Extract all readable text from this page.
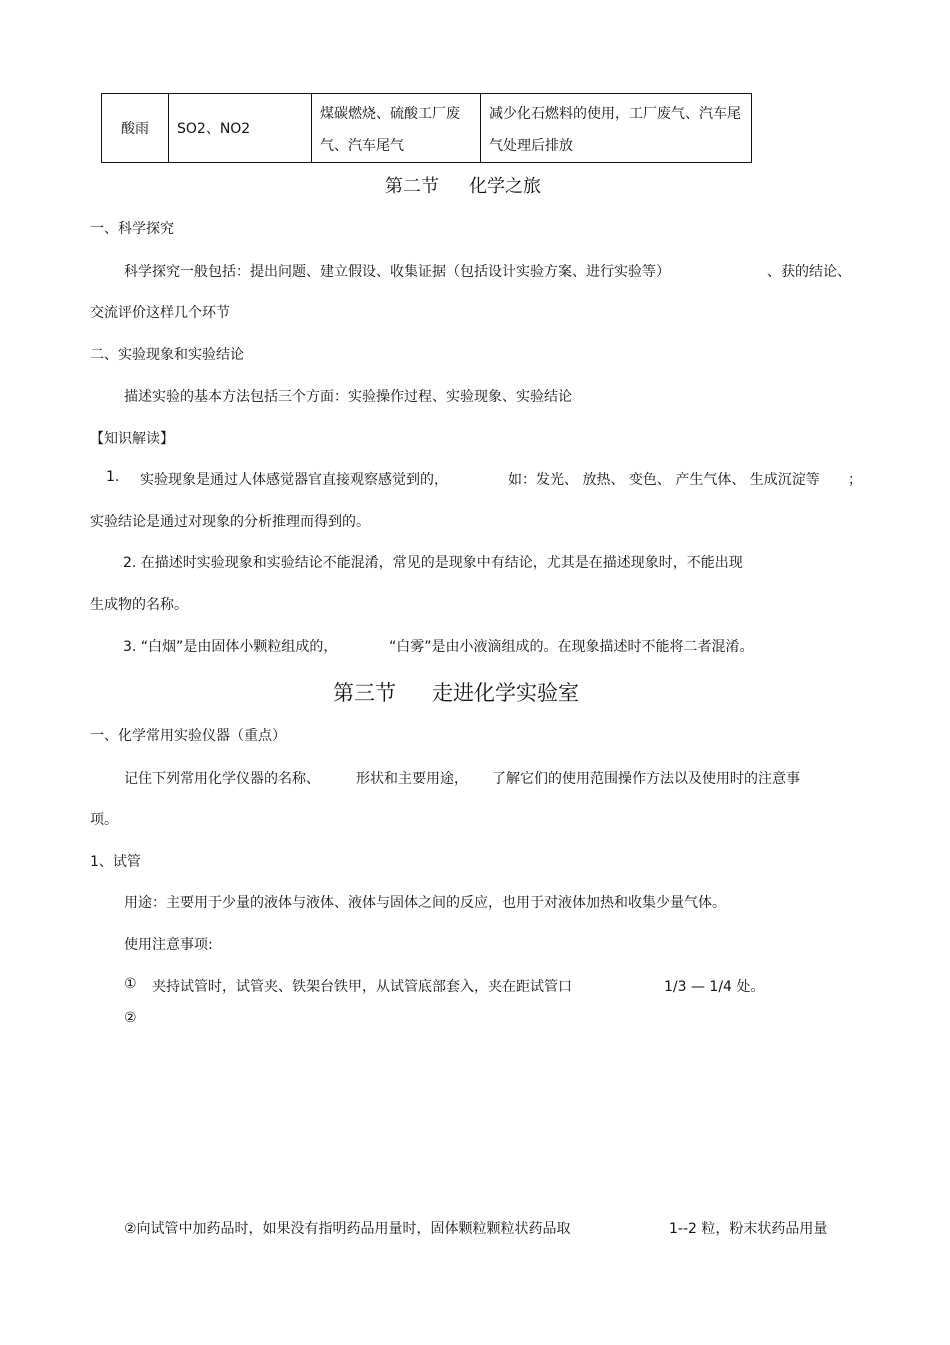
酸雨	SO2、NO2	煤碳燃烧、硫酸工厂废气、汽车尾气	减少化石燃料的使用，工厂废气、汽车尾气处理后排放
第二节 化学之旅
一、科学探究
科学探究一般包括：提出问题、建立假设、收集证据（包括设计实验方案、进行实验等）	、获的结论、
交流评价这样几个环节
二、实验现象和实验结论
描述实验的基本方法包括三个方面：实验操作过程、实验现象、实验结论
【知识解读】
1. 实验现象是通过人体感觉器官直接观察感觉到的，	如：发光、 放热、 变色、 产生气体、 生成沉淀等 ；
实验结论是通过对现象的分析推理而得到的。
2. 在描述时实验现象和实验结论不能混淆，常见的是现象中有结论，尤其是在描述现象时，不能出现
生成物的名称。
3. “白烟”是由固体小颗粒组成的，	“白雾”是由小液滴组成的。在现象描述时不能将二者混淆。
第三节 走进化学实验室
一、化学常用实验仪器（重点）
记住下列常用化学仪器的名称、	形状和主要用途， 了解它们的使用范围操作方法以及使用时的注意事
项。
1、试管
用途：主要用于少量的液体与液体、液体与固体之间的反应，也用于对液体加热和收集少量气体。
使用注意事项:
① 夹持试管时，试管夹、铁架台铁甲，从试管底部套入，夹在距试管口	1/3 — 1/4 处。
②
②向试管中加药品时，如果没有指明药品用量时，固体颗粒颗粒状药品取	1--2 粒，粉末状药品用量
